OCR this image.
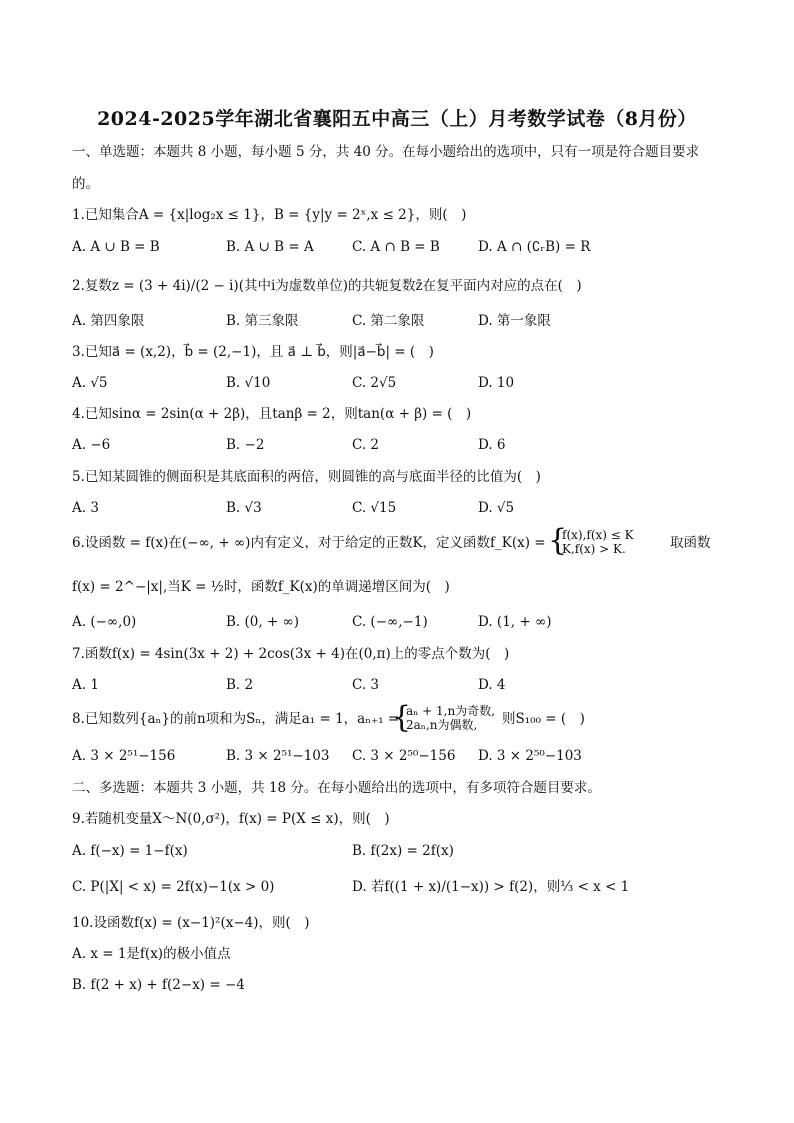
2024-2025学年湖北省襄阳五中高三（上）月考数学试卷（8月份）
一、单选题：本题共 8 小题，每小题 5 分，共 40 分。在每小题给出的选项中，只有一项是符合题目要求
的。
1.已知集合A = {x|log₂x ≤ 1}，B = {y|y = 2ˣ,x ≤ 2}，则(　)
A. A ∪ B = B	B. A ∪ B = A	C. A ∩ B = B	D. A ∩ (∁ᵣB) = R
2.复数z = (3 + 4i)/(2 − i)(其中i为虚数单位)的共轭复数z̄在复平面内对应的点在(　)
A. 第四象限	B. 第三象限	C. 第二象限	D. 第一象限
3.已知a⃗ = (x,2)，b⃗ = (2,−1)，且 a⃗ ⊥ b⃗，则|a⃗−b⃗| = (　)
A. √5	B. √10	C. 2√5	D. 10
4.已知sinα = 2sin(α + 2β)，且tanβ = 2，则tan(α + β) = (　)
A. −6	B. −2	C. 2	D. 6
5.已知某圆锥的侧面积是其底面积的两倍，则圆锥的高与底面半径的比值为(　)
A. 3	B. √3	C. √15	D. √5
6.设函数 = f(x)在(−∞, + ∞)内有定义，对于给定的正数K，定义函数f_K(x) = {
f(x),f(x) ≤ K
K,f(x) > K.	取函数
f(x) = 2^−|x|,当K = ½时，函数f_K(x)的单调递增区间为(　)
A. (−∞,0)	B. (0, + ∞)	C. (−∞,−1)	D. (1, + ∞)
7.函数f(x) = 4sin(3x + 2) + 2cos(3x + 4)在(0,π)上的零点个数为(　)
A. 1	B. 2	C. 3	D. 4
8.已知数列{aₙ}的前n项和为Sₙ，满足a₁ = 1，aₙ₊₁ =
{
aₙ + 1,n为奇数,
2aₙ,n为偶数, 则S₁₀₀ = (　)
A. 3 × 2⁵¹−156	B. 3 × 2⁵¹−103 C. 3 × 2⁵⁰−156 D. 3 × 2⁵⁰−103
二、多选题：本题共 3 小题，共 18 分。在每小题给出的选项中，有多项符合题目要求。
9.若随机变量X～N(0,σ²)，f(x) = P(X ≤ x)，则(　)
A. f(−x) = 1−f(x)	B. f(2x) = 2f(x)
C. P(|X| < x) = 2f(x)−1(x > 0)	D. 若f((1 + x)/(1−x)) > f(2)，则⅓ < x < 1
10.设函数f(x) = (x−1)²(x−4)，则(　)
A. x = 1是f(x)的极小值点
B. f(2 + x) + f(2−x) = −4
